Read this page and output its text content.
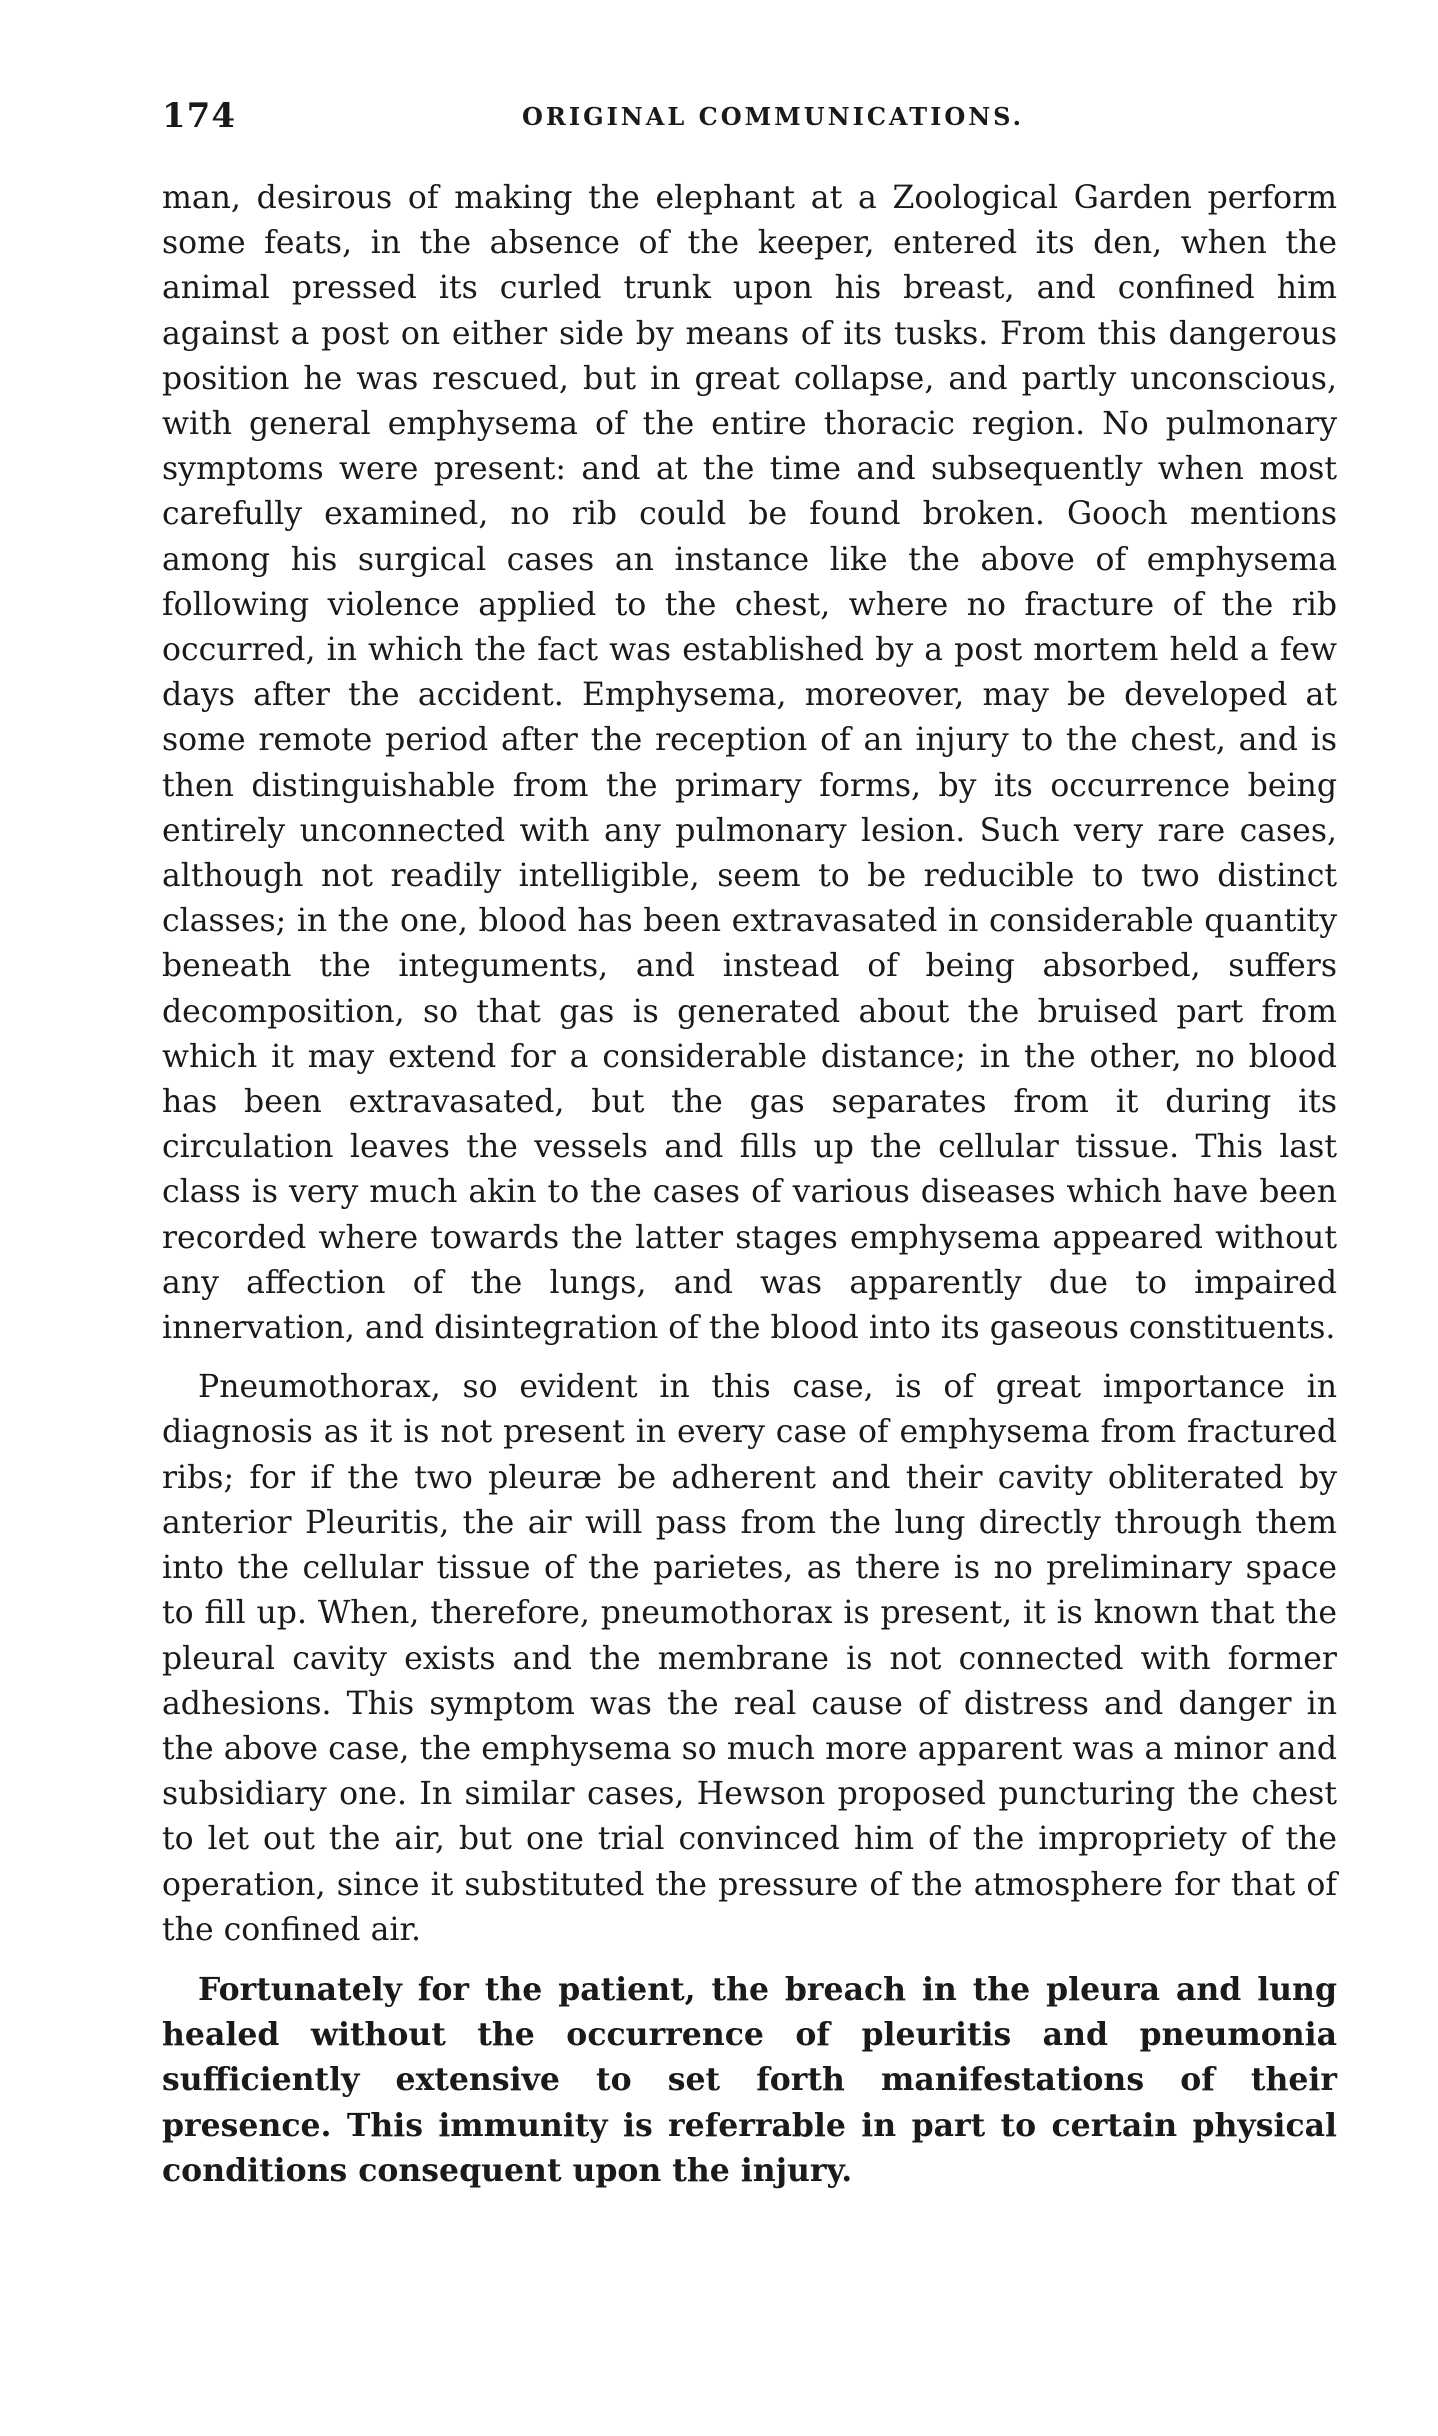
174	ORIGINAL COMMUNICATIONS.

man, desirous of making the elephant at a Zoological Garden perform some feats, in the absence of the keeper, entered its den, when the animal pressed its curled trunk upon his breast, and confined him against a post on either side by means of its tusks. From this dangerous position he was rescued, but in great collapse, and partly unconscious, with general emphysema of the entire thoracic region. No pulmonary symptoms were present: and at the time and subsequently when most carefully examined, no rib could be found broken. Gooch mentions among his surgical cases an instance like the above of emphysema following violence applied to the chest, where no fracture of the rib occurred, in which the fact was established by a post mortem held a few days after the accident. Emphysema, moreover, may be developed at some remote period after the reception of an injury to the chest, and is then distinguishable from the primary forms, by its occurrence being entirely unconnected with any pulmonary lesion. Such very rare cases, although not readily intelligible, seem to be reducible to two distinct classes; in the one, blood has been extravasated in considerable quantity beneath the integuments, and instead of being absorbed, suffers decomposition, so that gas is generated about the bruised part from which it may extend for a considerable distance; in the other, no blood has been extravasated, but the gas separates from it during its circulation leaves the vessels and fills up the cellular tissue. This last class is very much akin to the cases of various diseases which have been recorded where towards the latter stages emphysema appeared without any affection of the lungs, and was apparently due to impaired innervation, and disintegration of the blood into its gaseous constituents.

Pneumothorax, so evident in this case, is of great importance in diagnosis as it is not present in every case of emphysema from fractured ribs; for if the two pleuræ be adherent and their cavity obliterated by anterior Pleuritis, the air will pass from the lung directly through them into the cellular tissue of the parietes, as there is no preliminary space to fill up. When, therefore, pneumothorax is present, it is known that the pleural cavity exists and the membrane is not connected with former adhesions. This symptom was the real cause of distress and danger in the above case, the emphysema so much more apparent was a minor and subsidiary one. In similar cases, Hewson proposed puncturing the chest to let out the air, but one trial convinced him of the impropriety of the operation, since it substituted the pressure of the atmosphere for that of the confined air.

Fortunately for the patient, the breach in the pleura and lung healed without the occurrence of pleuritis and pneumonia sufficiently extensive to set forth manifestations of their presence. This immunity is referrable in part to certain physical conditions consequent upon the injury.
